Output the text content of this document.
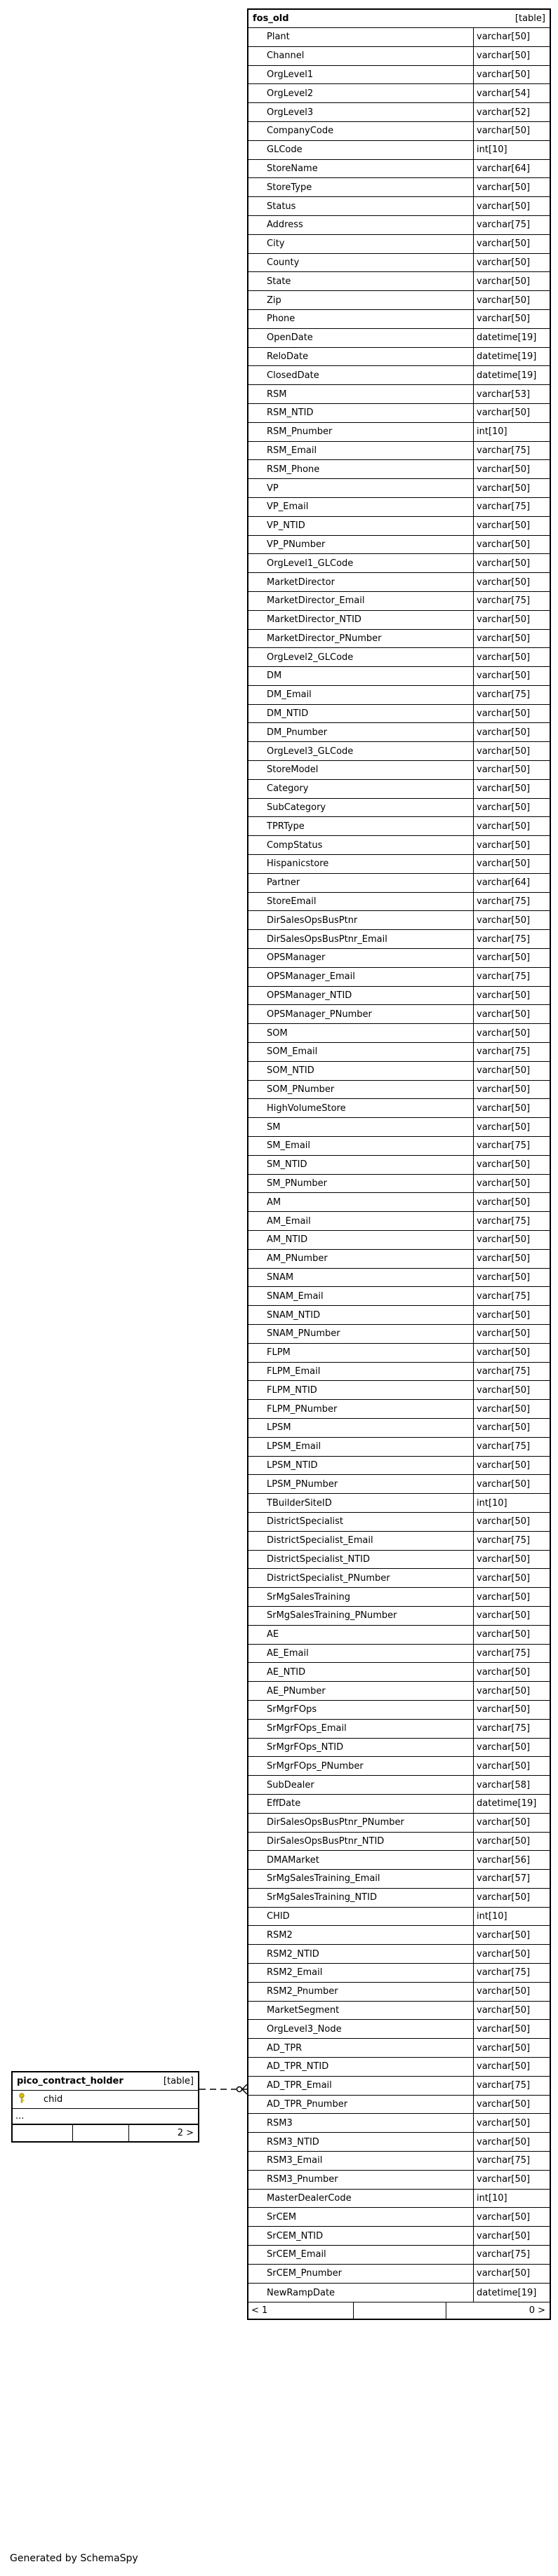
fos_old	[table]
Plant	varchar[50]
Channel	varchar[50]
OrgLevel1	varchar[50]
OrgLevel2	varchar[54]
OrgLevel3	varchar[52]
CompanyCode	varchar[50]
GLCode	int[10]
StoreName	varchar[64]
StoreType	varchar[50]
Status	varchar[50]
Address	varchar[75]
City	varchar[50]
County	varchar[50]
State	varchar[50]
Zip	varchar[50]
Phone	varchar[50]
OpenDate	datetime[19]
ReloDate	datetime[19]
ClosedDate	datetime[19]
RSM	varchar[53]
RSM_NTID	varchar[50]
RSM_Pnumber	int[10]
RSM_Email	varchar[75]
RSM_Phone	varchar[50]
VP	varchar[50]
VP_Email	varchar[75]
VP_NTID	varchar[50]
VP_PNumber	varchar[50]
OrgLevel1_GLCode	varchar[50]
MarketDirector	varchar[50]
MarketDirector_Email	varchar[75]
MarketDirector_NTID	varchar[50]
MarketDirector_PNumber	varchar[50]
OrgLevel2_GLCode	varchar[50]
DM	varchar[50]
DM_Email	varchar[75]
DM_NTID	varchar[50]
DM_Pnumber	varchar[50]
OrgLevel3_GLCode	varchar[50]
StoreModel	varchar[50]
Category	varchar[50]
SubCategory	varchar[50]
TPRType	varchar[50]
CompStatus	varchar[50]
Hispanicstore	varchar[50]
Partner	varchar[64]
StoreEmail	varchar[75]
DirSalesOpsBusPtnr	varchar[50]
DirSalesOpsBusPtnr_Email	varchar[75]
OPSManager	varchar[50]
OPSManager_Email	varchar[75]
OPSManager_NTID	varchar[50]
OPSManager_PNumber	varchar[50]
SOM	varchar[50]
SOM_Email	varchar[75]
SOM_NTID	varchar[50]
SOM_PNumber	varchar[50]
HighVolumeStore	varchar[50]
SM	varchar[50]
SM_Email	varchar[75]
SM_NTID	varchar[50]
SM_PNumber	varchar[50]
AM	varchar[50]
AM_Email	varchar[75]
AM_NTID	varchar[50]
AM_PNumber	varchar[50]
SNAM	varchar[50]
SNAM_Email	varchar[75]
SNAM_NTID	varchar[50]
SNAM_PNumber	varchar[50]
FLPM	varchar[50]
FLPM_Email	varchar[75]
FLPM_NTID	varchar[50]
FLPM_PNumber	varchar[50]
LPSM	varchar[50]
LPSM_Email	varchar[75]
LPSM_NTID	varchar[50]
LPSM_PNumber	varchar[50]
TBuilderSiteID	int[10]
DistrictSpecialist	varchar[50]
DistrictSpecialist_Email	varchar[75]
DistrictSpecialist_NTID	varchar[50]
DistrictSpecialist_PNumber	varchar[50]
SrMgSalesTraining	varchar[50]
SrMgSalesTraining_PNumber	varchar[50]
AE	varchar[50]
AE_Email	varchar[75]
AE_NTID	varchar[50]
AE_PNumber	varchar[50]
SrMgrFOps	varchar[50]
SrMgrFOps_Email	varchar[75]
SrMgrFOps_NTID	varchar[50]
SrMgrFOps_PNumber	varchar[50]
SubDealer	varchar[58]
EffDate	datetime[19]
DirSalesOpsBusPtnr_PNumber	varchar[50]
DirSalesOpsBusPtnr_NTID	varchar[50]
DMAMarket	varchar[56]
SrMgSalesTraining_Email	varchar[57]
SrMgSalesTraining_NTID	varchar[50]
CHID	int[10]
RSM2	varchar[50]
RSM2_NTID	varchar[50]
RSM2_Email	varchar[75]
RSM2_Pnumber	varchar[50]
MarketSegment	varchar[50]
OrgLevel3_Node	varchar[50]
AD_TPR	varchar[50]
AD_TPR_NTID	varchar[50]
AD_TPR_Email	varchar[75]
AD_TPR_Pnumber	varchar[50]
RSM3	varchar[50]
RSM3_NTID	varchar[50]
RSM3_Email	varchar[75]
RSM3_Pnumber	varchar[50]
MasterDealerCode	int[10]
SrCEM	varchar[50]
SrCEM_NTID	varchar[50]
SrCEM_Email	varchar[75]
SrCEM_Pnumber	varchar[50]
NewRampDate	datetime[19]
< 1	0 >
pico_contract_holder	[table]
chid
...
2 >
Generated by SchemaSpy
